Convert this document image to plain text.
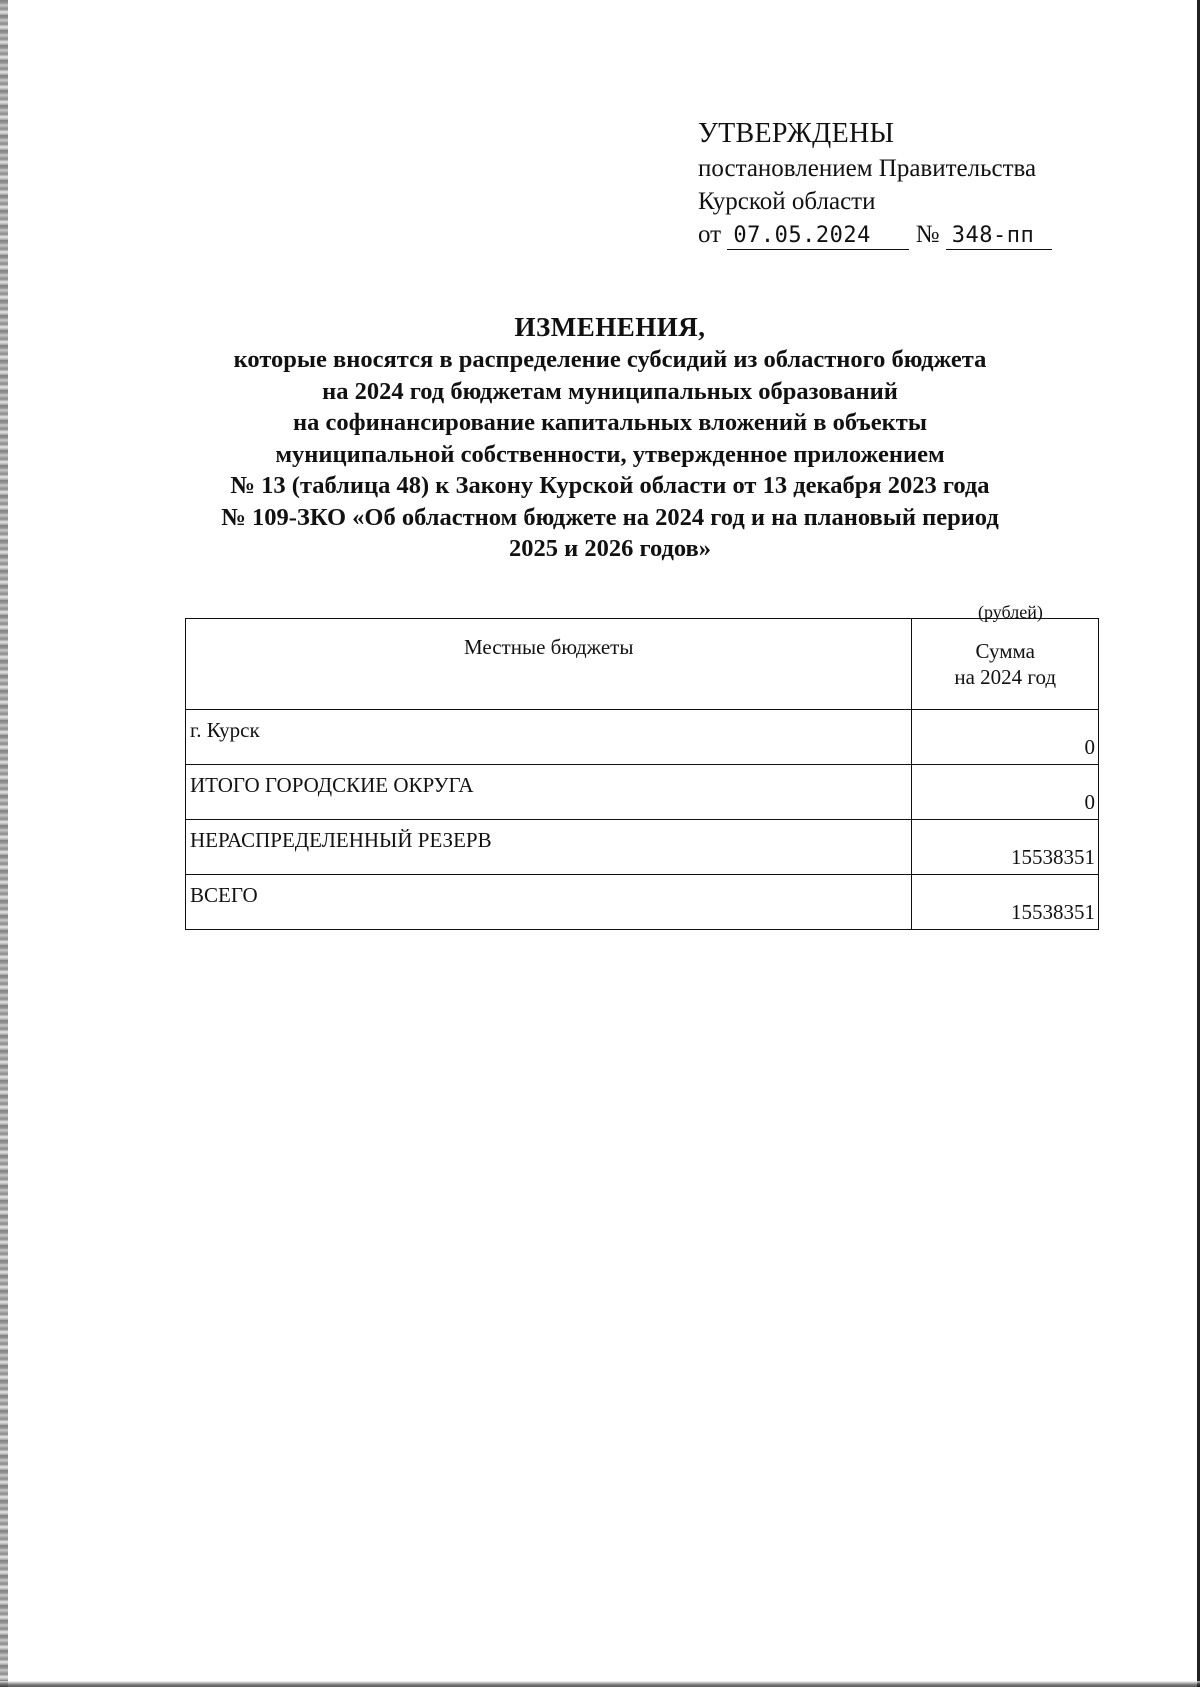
УТВЕРЖДЕНЫ
постановлением Правительства
Курской области
от 07.05.2024 № 348-пп
ИЗМЕНЕНИЯ,
которые вносятся в распределение субсидий из областного бюджета
на 2024 год бюджетам муниципальных образований
на софинансирование капитальных вложений в объекты
муниципальной собственности, утвержденное приложением
№ 13 (таблица 48) к Закону Курской области от 13 декабря 2023 года
№ 109-ЗКО «Об областном бюджете на 2024 год и на плановый период
2025 и 2026 годов»
(рублей)
Местные бюджеты	Сумма
на 2024 год

г. Курск	0
ИТОГО ГОРОДСКИЕ ОКРУГА	0
НЕРАСПРЕДЕЛЕННЫЙ РЕЗЕРВ	15538351
ВСЕГО	15538351
